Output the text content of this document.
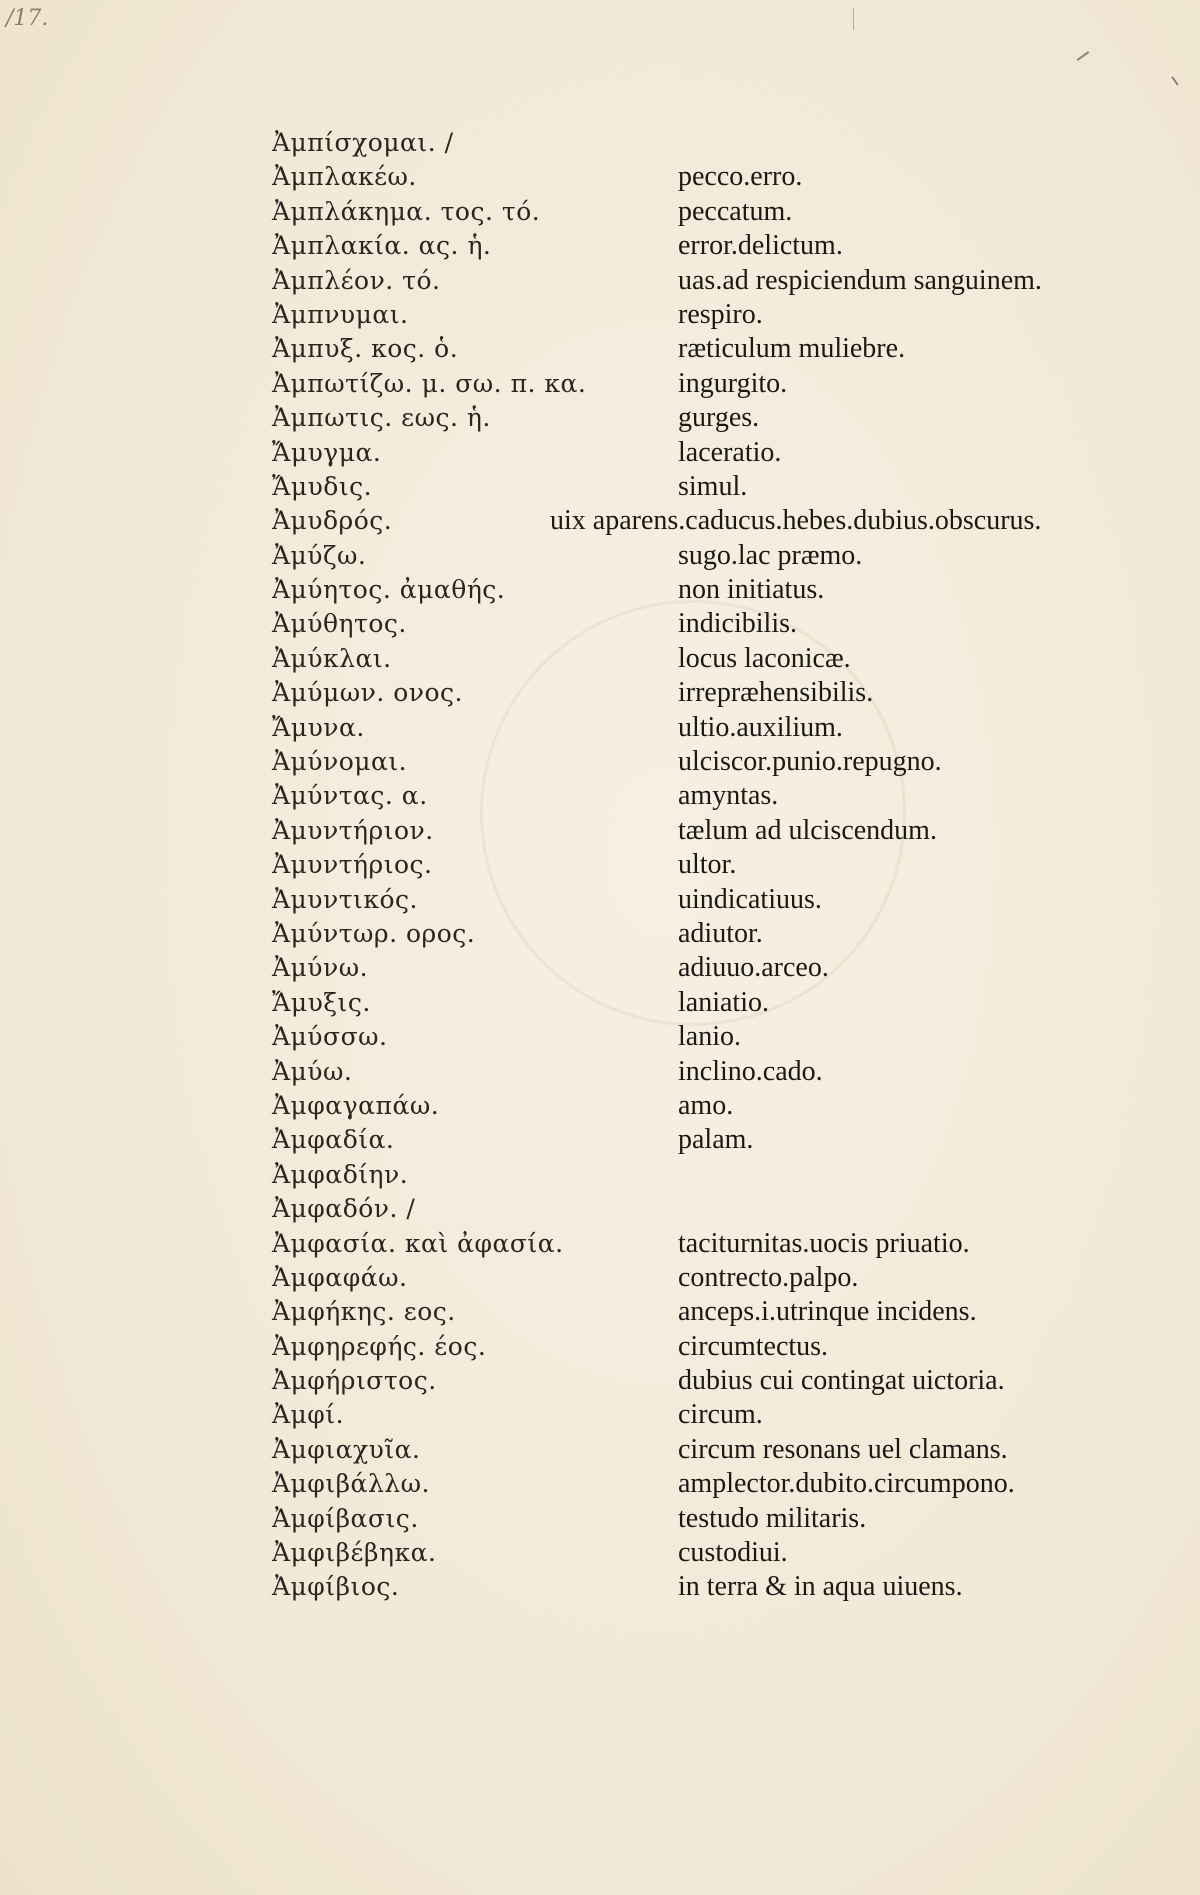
/17.
Ἀμπίσχομαι. /
Ἀμπλακέω.	pecco.erro.
Ἀμπλάκημα. τος. τό.	peccatum.
Ἀμπλακία. ας. ἡ.	error.delictum.
Ἀμπλέον. τό.	uas.ad respiciendum sanguinem.
Ἀμπνυμαι.	respiro.
Ἀμπυξ. κος. ὁ.	ræticulum muliebre.
Ἀμπωτίζω. μ. σω. π. κα.	ingurgito.
Ἀμπωτις. εως. ἡ.	gurges.
Ἄμυγμα.	laceratio.
Ἄμυδις.	simul.
Ἀμυδρός.	uix aparens.caducus.hebes.dubius.obscurus.
Ἀμύζω.	sugo.lac præmo.
Ἀμύητος. ἀμαθής.	non initiatus.
Ἀμύθητος.	indicibilis.
Ἀμύκλαι.	locus laconicæ.
Ἀμύμων. ονος.	irrepræhensibilis.
Ἄμυνα.	ultio.auxilium.
Ἀμύνομαι.	ulciscor.punio.repugno.
Ἀμύντας. α.	amyntas.
Ἀμυντήριον.	tælum ad ulciscendum.
Ἀμυντήριος.	ultor.
Ἀμυντικός.	uindicatiuus.
Ἀμύντωρ. ορος.	adiutor.
Ἀμύνω.	adiuuo.arceo.
Ἄμυξις.	laniatio.
Ἀμύσσω.	lanio.
Ἀμύω.	inclino.cado.
Ἀμφαγαπάω.	amo.
Ἀμφαδία.	palam.
Ἀμφαδίην.
Ἀμφαδόν. /
Ἀμφασία. καὶ ἀφασία.	taciturnitas.uocis priuatio.
Ἀμφαφάω.	contrecto.palpo.
Ἀμφήκης. εος.	anceps.i.utrinque incidens.
Ἀμφηρεφής. έος.	circumtectus.
Ἀμφήριστος.	dubius cui contingat uictoria.
Ἀμφί.	circum.
Ἀμφιαχυῖα.	circum resonans uel clamans.
Ἀμφιβάλλω.	amplector.dubito.circumpono.
Ἀμφίβασις.	testudo militaris.
Ἀμφιβέβηκα.	custodiui.
Ἀμφίβιος.	in terra & in aqua uiuens.
